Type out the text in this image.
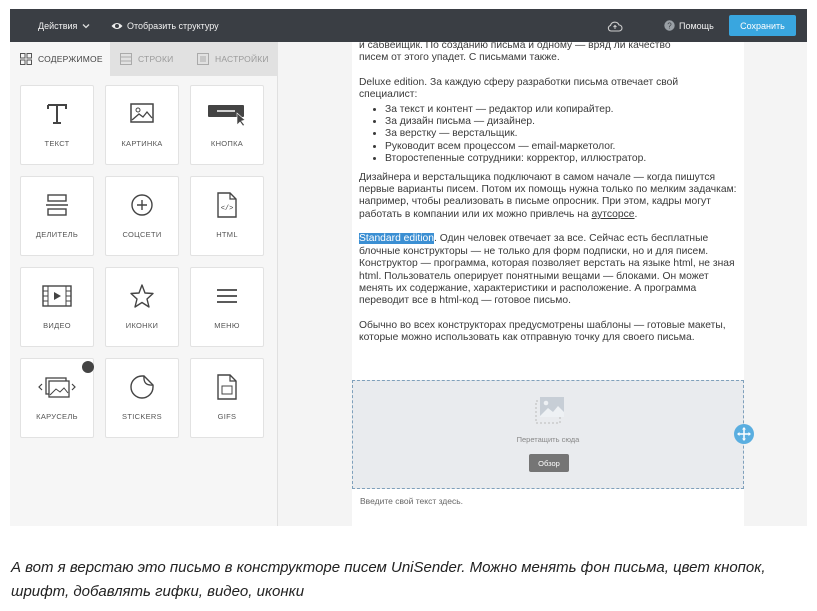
Действия	Отобразить структуру	? Помощь	Сохранить
СОДЕРЖИМОЕ	СТРОКИ	НАСТРОЙКИ
ТЕКСТ	КАРТИНКА	КНОПКА
ДЕЛИТЕЛЬ	СОЦСЕТИ
</>
HTML
ВИДЕО	ИКОНКИ	МЕНЮ
КАРУСЕЛЬ	STICKERS	GIFS

и сабвейщик. По созданию письма и одному — вряд ли качество
писем от этого упадет. С письмами также.

Deluxe edition. За каждую сферу разработки письма отвечает свой специалист:

• За текст и контент — редактор или копирайтер.
• За дизайн письма — дизайнер.
• За верстку — верстальщик.
• Руководит всем процессом — email-маркетолог.
• Второстепенные сотрудники: корректор, иллюстратор.

Дизайнера и верстальщика подключают в самом начале — когда пишутся первые варианты писем. Потом их помощь нужна только по мелким задачкам: например, чтобы реализовать в письме опросник. При этом, кадры могут работать в компании или их можно привлечь на аутсорсе.

Standard edition. Один человек отвечает за все. Сейчас есть бесплатные блочные конструкторы — не только для форм подписки, но и для писем. Конструктор — программа, которая позволяет верстать на языке html, не зная html. Пользователь оперирует понятными вещами — блоками. Он может менять их содержание, характеристики и расположение. А программа переводит все в html-код — готовое письмо.

Обычно во всех конструкторах предусмотрены шаблоны — готовые макеты, которые можно использовать как отправную точку для своего письма.

Перетащить сюда
Обзор
Введите свой текст здесь.
А вот я верстаю это письмо в конструкторе писем UniSender. Можно менять фон письма, цвет кнопок, шрифт, добавлять гифки, видео, иконки
